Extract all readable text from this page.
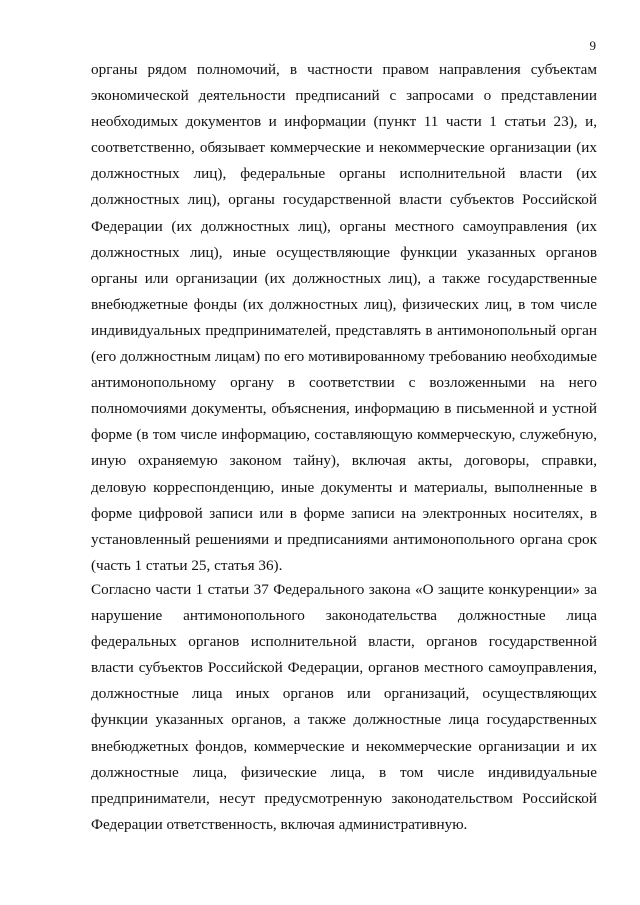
9
органы рядом полномочий, в частности правом направления субъектам
экономической деятельности предписаний с запросами о представлении
необходимых документов и информации (пункт 11 части 1 статьи 23), и,
соответственно, обязывает коммерческие и некоммерческие организации (их
должностных лиц), федеральные органы исполнительной власти (их
должностных лиц), органы государственной власти субъектов Российской
Федерации (их должностных лиц), органы местного самоуправления (их
должностных лиц), иные осуществляющие функции указанных органов
органы или организации (их должностных лиц), а также государственные
внебюджетные фонды (их должностных лиц), физических лиц, в том числе
индивидуальных предпринимателей, представлять в антимонопольный орган
(его должностным лицам) по его мотивированному требованию необходимые
антимонопольному органу в соответствии с возложенными на него
полномочиями документы, объяснения, информацию в письменной и устной
форме (в том числе информацию, составляющую коммерческую, служебную,
иную охраняемую законом тайну), включая акты, договоры, справки,
деловую корреспонденцию, иные документы и материалы, выполненные в
форме цифровой записи или в форме записи на электронных носителях, в
установленный решениями и предписаниями антимонопольного органа срок
(часть 1 статьи 25, статья 36).
Согласно части 1 статьи 37 Федерального закона «О защите конкуренции» за
нарушение антимонопольного законодательства должностные лица
федеральных органов исполнительной власти, органов государственной
власти субъектов Российской Федерации, органов местного самоуправления,
должностные лица иных органов или организаций, осуществляющих
функции указанных органов, а также должностные лица государственных
внебюджетных фондов, коммерческие и некоммерческие организации и их
должностные лица, физические лица, в том числе индивидуальные
предприниматели, несут предусмотренную законодательством Российской
Федерации ответственность, включая административную.
